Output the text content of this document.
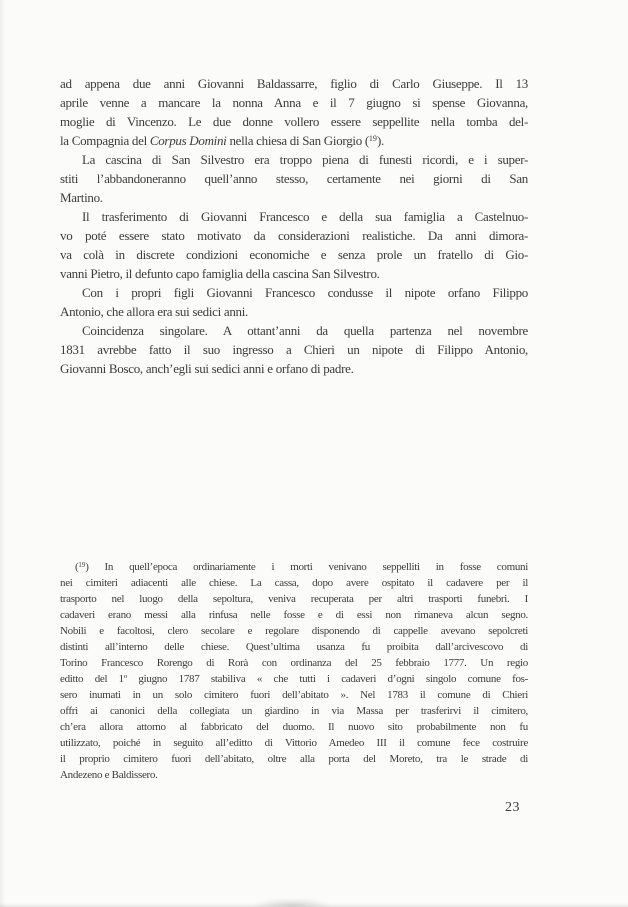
ad appena due anni Giovanni Baldassarre, figlio di Carlo Giuseppe. Il 13
aprile venne a mancare la nonna Anna e il 7 giugno si spense Giovanna,
moglie di Vincenzo. Le due donne vollero essere seppellite nella tomba del-
la Compagnia del Corpus Domini nella chiesa di San Giorgio ($^{19}$).
La cascina di San Silvestro era troppo piena di funesti ricordi, e i super-
stiti l’abbandoneranno quell’anno stesso, certamente nei giorni di San
Martino.
Il trasferimento di Giovanni Francesco e della sua famiglia a Castelnuo-
vo poté essere stato motivato da considerazioni realistiche. Da anni dimora-
va colà in discrete condizioni economiche e senza prole un fratello di Gio-
vanni Pietro, il defunto capo famiglia della cascina San Silvestro.
Con i propri figli Giovanni Francesco condusse il nipote orfano Filippo
Antonio, che allora era sui sedici anni.
Coincidenza singolare. A ottant’anni da quella partenza nel novembre
1831 avrebbe fatto il suo ingresso a Chieri un nipote di Filippo Antonio,
Giovanni Bosco, anch’egli sui sedici anni e orfano di padre.
($^{19}$) In quell’epoca ordinariamente i morti venivano seppelliti in fosse comuni
nei cimiteri adiacenti alle chiese. La cassa, dopo avere ospitato il cadavere per il
trasporto nel luogo della sepoltura, veniva recuperata per altri trasporti funebri. I
cadaveri erano messi alla rinfusa nelle fosse e di essi non rimaneva alcun segno.
Nobili e facoltosi, clero secolare e regolare disponendo di cappelle avevano sepolcreti
distinti all’interno delle chiese. Quest’ultima usanza fu proibita dall’arcivescovo di
Torino Francesco Rorengo di Rorà con ordinanza del 25 febbraio 1777. Un regio
editto del 1º giugno 1787 stabiliva « che tutti i cadaveri d’ogni singolo comune fos-
sero inumati in un solo cimitero fuori dell’abitato ». Nel 1783 il comune di Chieri
offrì ai canonici della collegiata un giardino in via Massa per trasferirvi il cimitero,
ch’era allora attorno al fabbricato del duomo. Il nuovo sito probabilmente non fu
utilizzato, poiché in seguito all’editto di Vittorio Amedeo III il comune fece costruire
il proprio cimitero fuori dell’abitato, oltre alla porta del Moreto, tra le strade di
Andezeno e Baldissero.
23
